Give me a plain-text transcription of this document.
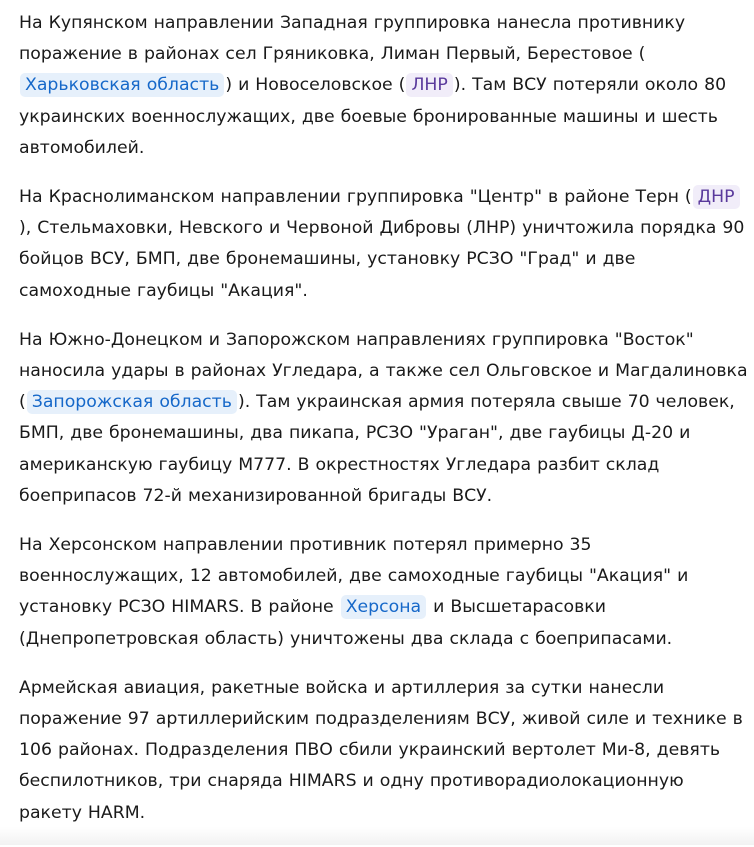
На Купянском направлении Западная группировка нанесла противнику поражение в районах сел Гряниковка, Лиман Первый, Берестовое (Харьковская область ) и Новоселовское ( ЛНР ). Там ВСУ потеряли около 80 украинских военнослужащих, две боевые бронированные машины и шесть автомобилей.

На Краснолиманском направлении группировка "Центр" в районе Терн ( ДНР), Стельмаховки, Невского и Червоной Дибровы (ЛНР) уничтожила порядка 90 бойцов ВСУ, БМП, две бронемашины, установку РСЗО "Град" и две самоходные гаубицы "Акация".

На Южно-Донецком и Запорожском направлениях группировка "Восток" наносила удары в районах Угледара, а также сел Ольговское и Магдалиновка ( Запорожская область ). Там украинская армия потеряла свыше 70 человек, БМП, две бронемашины, два пикапа, РСЗО "Ураган", две гаубицы Д-20 и американскую гаубицу М777. В окрестностях Угледара разбит склад боеприпасов 72-й механизированной бригады ВСУ.

На Херсонском направлении противник потерял примерно 35 военнослужащих, 12 автомобилей, две самоходные гаубицы "Акация" и установку РСЗО HIMARS. В районе Херсона и Высшетарасовки (Днепропетровская область) уничтожены два склада с боеприпасами.

Армейская авиация, ракетные войска и артиллерия за сутки нанесли поражение 97 артиллерийским подразделениям ВСУ, живой силе и технике в 106 районах. Подразделения ПВО сбили украинский вертолет Ми-8, девять беспилотников, три снаряда HIMARS и одну противорадиолокационную ракету HARM.
